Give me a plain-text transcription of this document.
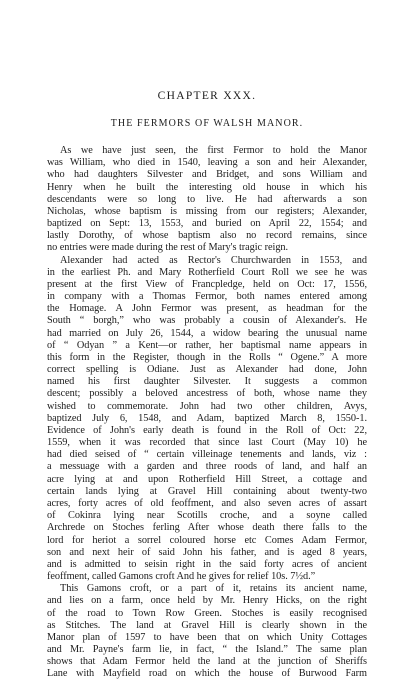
CHAPTER XXX.
THE FERMORS OF WALSH MANOR.
As we have just seen, the first Fermor to hold the Manor
was William, who died in 1540, leaving a son and heir Alexander,
who had daughters Silvester and Bridget, and sons William and
Henry when he built the interesting old house in which his
descendants were so long to live. He had afterwards a son
Nicholas, whose baptism is missing from our registers; Alexander,
baptized on Sept: 13, 1553, and buried on April 22, 1554; and
lastly Dorothy, of whose baptism also no record remains, since
no entries were made during the rest of Mary's tragic reign.
Alexander had acted as Rector's Churchwarden in 1553, and
in the earliest Ph. and Mary Rotherfield Court Roll we see he was
present at the first View of Francpledge, held on Oct: 17, 1556,
in company with a Thomas Fermor, both names entered among
the Homage. A John Fermor was present, as headman for the
South “ borgh,” who was probably a cousin of Alexander's. He
had married on July 26, 1544, a widow bearing the unusual name
of “ Odyan ” a Kent—or rather, her baptismal name appears in
this form in the Register, though in the Rolls “ Ogene.” A more
correct spelling is Odiane. Just as Alexander had done, John
named his first daughter Silvester. It suggests a common
descent; possibly a beloved ancestress of both, whose name they
wished to commemorate. John had two other children, Avys,
baptized July 6, 1548, and Adam, baptized March 8, 1550-1.
Evidence of John's early death is found in the Roll of Oct: 22,
1559, when it was recorded that since last Court (May 10) he
had died seised of “ certain villeinage tenements and lands, viz :
a messuage with a garden and three roods of land, and half an
acre lying at and upon Rotherfield Hill Street, a cottage and
certain lands lying at Gravel Hill containing about twenty-two
acres, forty acres of old feoffment, and also seven acres of assart
of Cokinra lying near Scotills croche, and a soyne called
Archrede on Stoches ferling After whose death there falls to the
lord for heriot a sorrel coloured horse etc Comes Adam Fermor,
son and next heir of said John his father, and is aged 8 years,
and is admitted to seisin right in the said forty acres of ancient
feoffment, called Gamons croft And he gives for relief 10s. 7½d.”
This Gamons croft, or a part of it, retains its ancient name,
and lies on a farm, once held by Mr. Henry Hicks, on the right
of the road to Town Row Green. Stoches is easily recognised
as Stitches. The land at Gravel Hill is clearly shown in the
Manor plan of 1597 to have been that on which Unity Cottages
and Mr. Payne's farm lie, in fact, “ the Island.” The same plan
shows that Adam Fermor held the land at the junction of Sheriffs
Lane with Mayfield road on which the house of Burwood Farm
